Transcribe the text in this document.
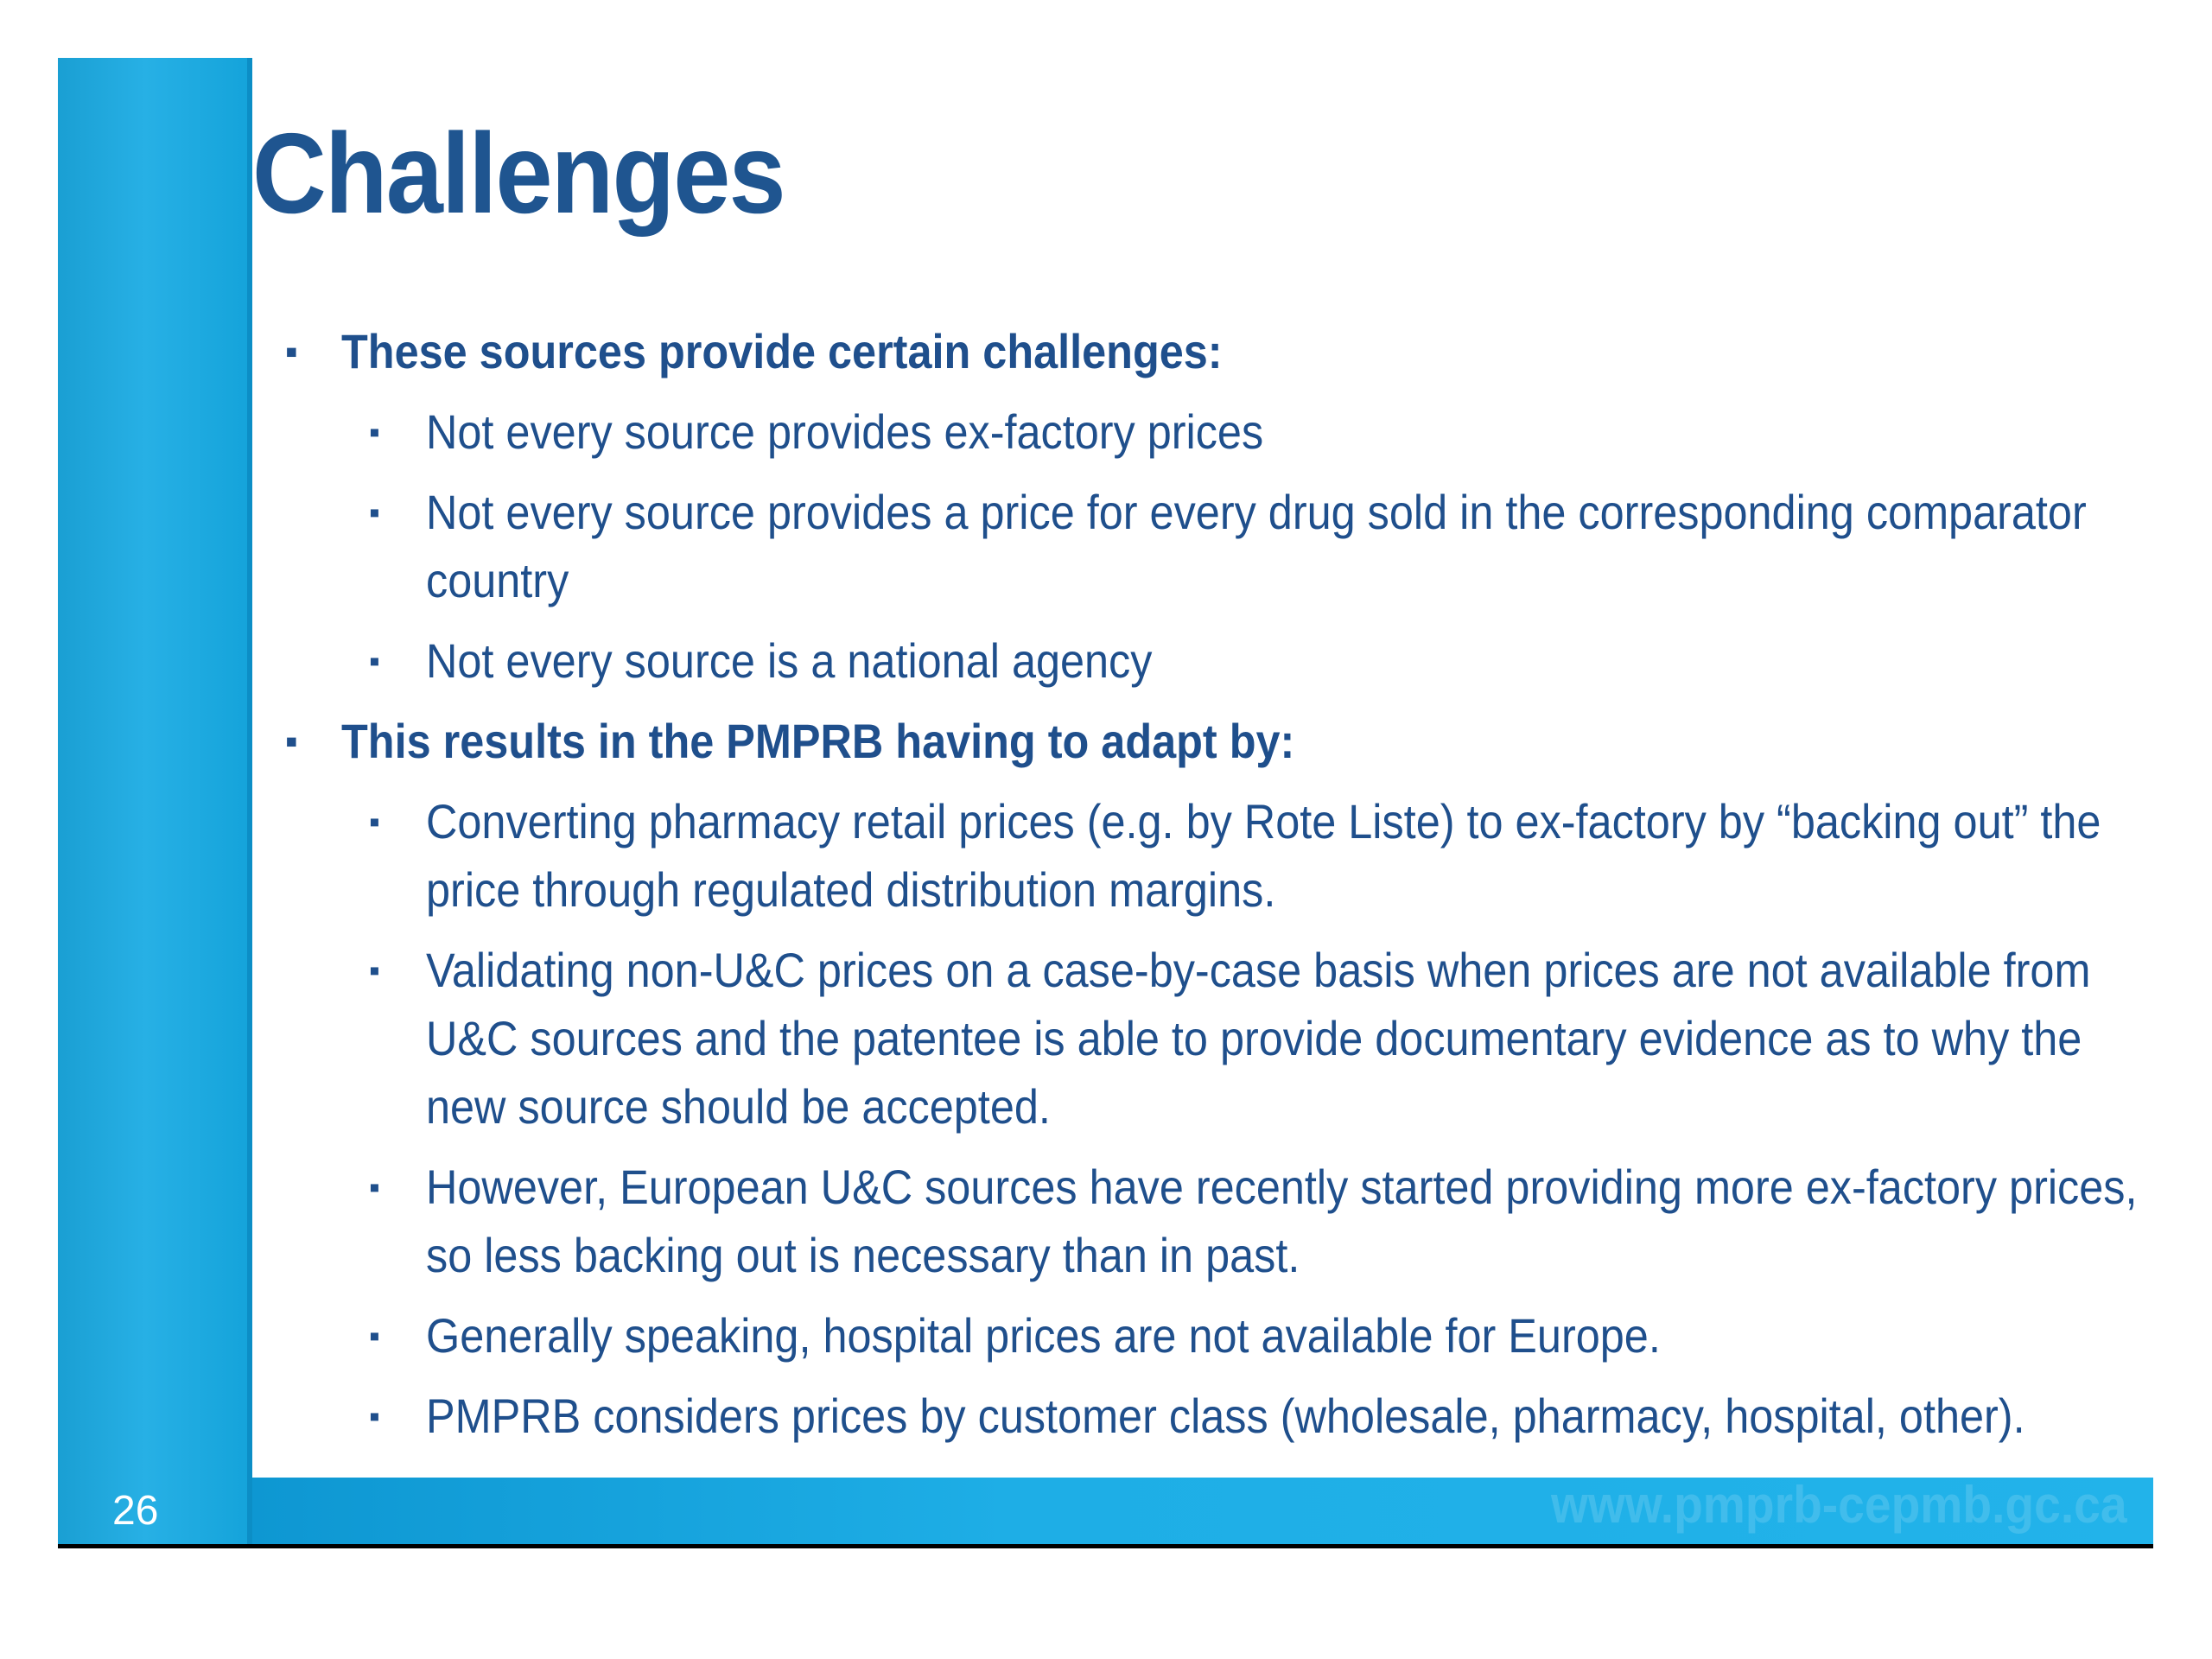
Challenges
▪ These sources provide certain challenges:
▪ Not every source provides ex-factory prices
▪ Not every source provides a price for every drug sold in the corresponding comparator country
▪ Not every source is a national agency
▪ This results in the PMPRB having to adapt by:
▪ Converting pharmacy retail prices (e.g. by Rote Liste) to ex-factory by “backing out” the price through regulated distribution margins.
▪ Validating non-U&C prices on a case-by-case basis when prices are not available from U&C sources and the patentee is able to provide documentary evidence as to why the new source should be accepted.
▪ However, European U&C sources have recently started providing more ex-factory prices, so less backing out is necessary than in past.
▪ Generally speaking, hospital prices are not available for Europe.
▪ PMPRB considers prices by customer class (wholesale, pharmacy, hospital, other).
26	www.pmprb-cepmb.gc.ca
